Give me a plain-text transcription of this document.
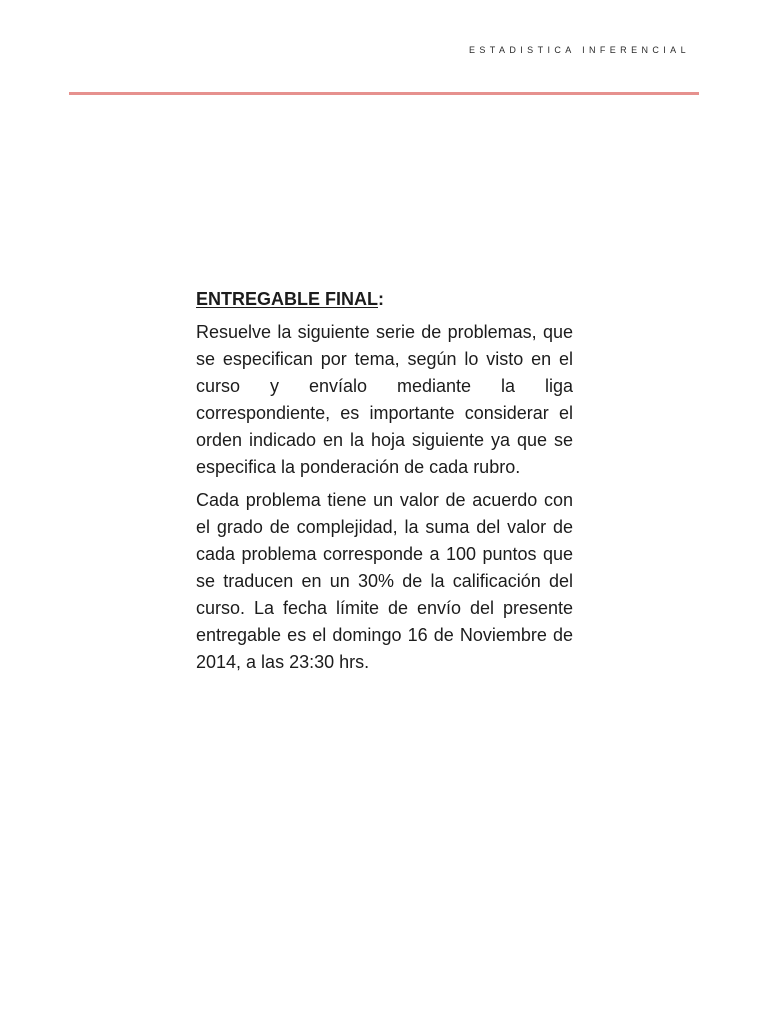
ESTADISTICA INFERENCIAL

ENTREGABLE FINAL:

Resuelve la siguiente serie de problemas, que se especifican por tema, según lo visto en el curso y envíalo mediante la liga correspondiente, es importante considerar el orden indicado en la hoja siguiente ya que se especifica la ponderación de cada rubro.

Cada problema tiene un valor de acuerdo con el grado de complejidad, la suma del valor de cada problema corresponde a 100 puntos que se traducen en un 30% de la calificación del curso. La fecha límite de envío del presente entregable es el domingo 16 de Noviembre de 2014, a las 23:30 hrs.
